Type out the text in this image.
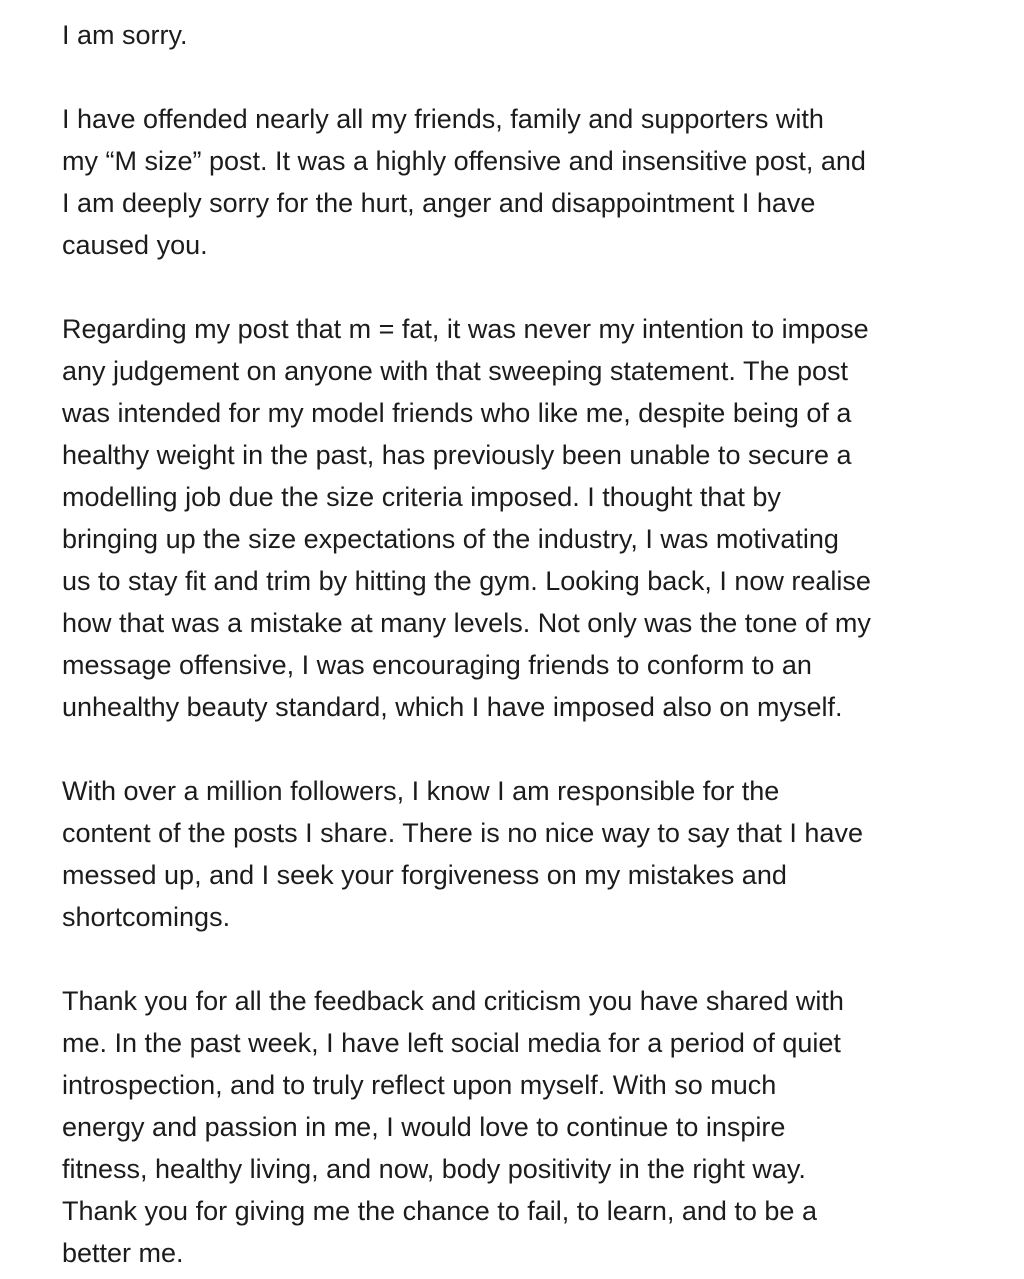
I am sorry.
I have offended nearly all my friends, family and supporters with
my “M size” post. It was a highly offensive and insensitive post, and
I am deeply sorry for the hurt, anger and disappointment I have
caused you.
Regarding my post that m = fat, it was never my intention to impose
any judgement on anyone with that sweeping statement. The post
was intended for my model friends who like me, despite being of a
healthy weight in the past, has previously been unable to secure a
modelling job due the size criteria imposed. I thought that by
bringing up the size expectations of the industry, I was motivating
us to stay fit and trim by hitting the gym. Looking back, I now realise
how that was a mistake at many levels. Not only was the tone of my
message offensive, I was encouraging friends to conform to an
unhealthy beauty standard, which I have imposed also on myself.
With over a million followers, I know I am responsible for the
content of the posts I share. There is no nice way to say that I have
messed up, and I seek your forgiveness on my mistakes and
shortcomings.
Thank you for all the feedback and criticism you have shared with
me. In the past week, I have left social media for a period of quiet
introspection, and to truly reflect upon myself. With so much
energy and passion in me, I would love to continue to inspire
fitness, healthy living, and now, body positivity in the right way.
Thank you for giving me the chance to fail, to learn, and to be a
better me.
